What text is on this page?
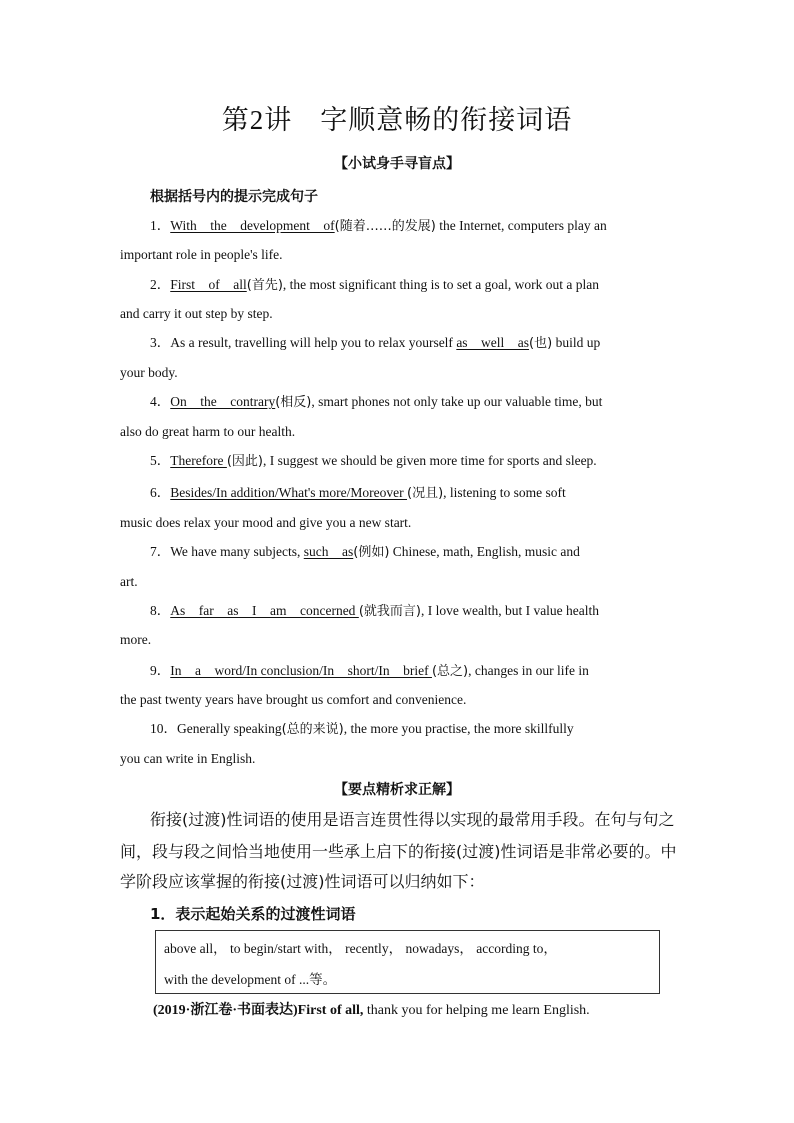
第2讲　字顺意畅的衔接词语
【小试身手寻盲点】
根据括号内的提示完成句子
1．With　the　development　of(随着……的发展) the Internet, computers play an
important role in people's life.
2．First　of　all(首先), the most significant thing is to set a goal, work out a plan
and carry it out step by step.
3．As a result, travelling will help you to relax yourself as　well　as(也) build up
your body.
4．On　the　contrary(相反), smart phones not only take up our valuable time, but
also do great harm to our health.
5．Therefore (因此), I suggest we should be given more time for sports and sleep.
6．Besides/In addition/What's more/Moreover (况且), listening to some soft
music does relax your mood and give you a new start.
7．We have many subjects, such　as(例如) Chinese, math, English, music and
art.
8．As　far　as　I　am　concerned (就我而言), I love wealth, but I value health
more.
9．In　a　word/In conclusion/In　short/In　brief (总之), changes in our life in
the past twenty years have brought us comfort and convenience.
10．Generally speaking(总的来说), the more you practise, the more skillfully
you can write in English.
【要点精析求正解】
衔接(过渡)性词语的使用是语言连贯性得以实现的最常用手段。在句与句之
间，段与段之间恰当地使用一些承上启下的衔接(过渡)性词语是非常必要的。中
学阶段应该掌握的衔接(过渡)性词语可以归纳如下：
1．表示起始关系的过渡性词语
above all， to begin/start with， recently， nowadays， according to，
with the development of ...等。
(2019·浙江卷·书面表达)First of all, thank you for helping me learn English.
